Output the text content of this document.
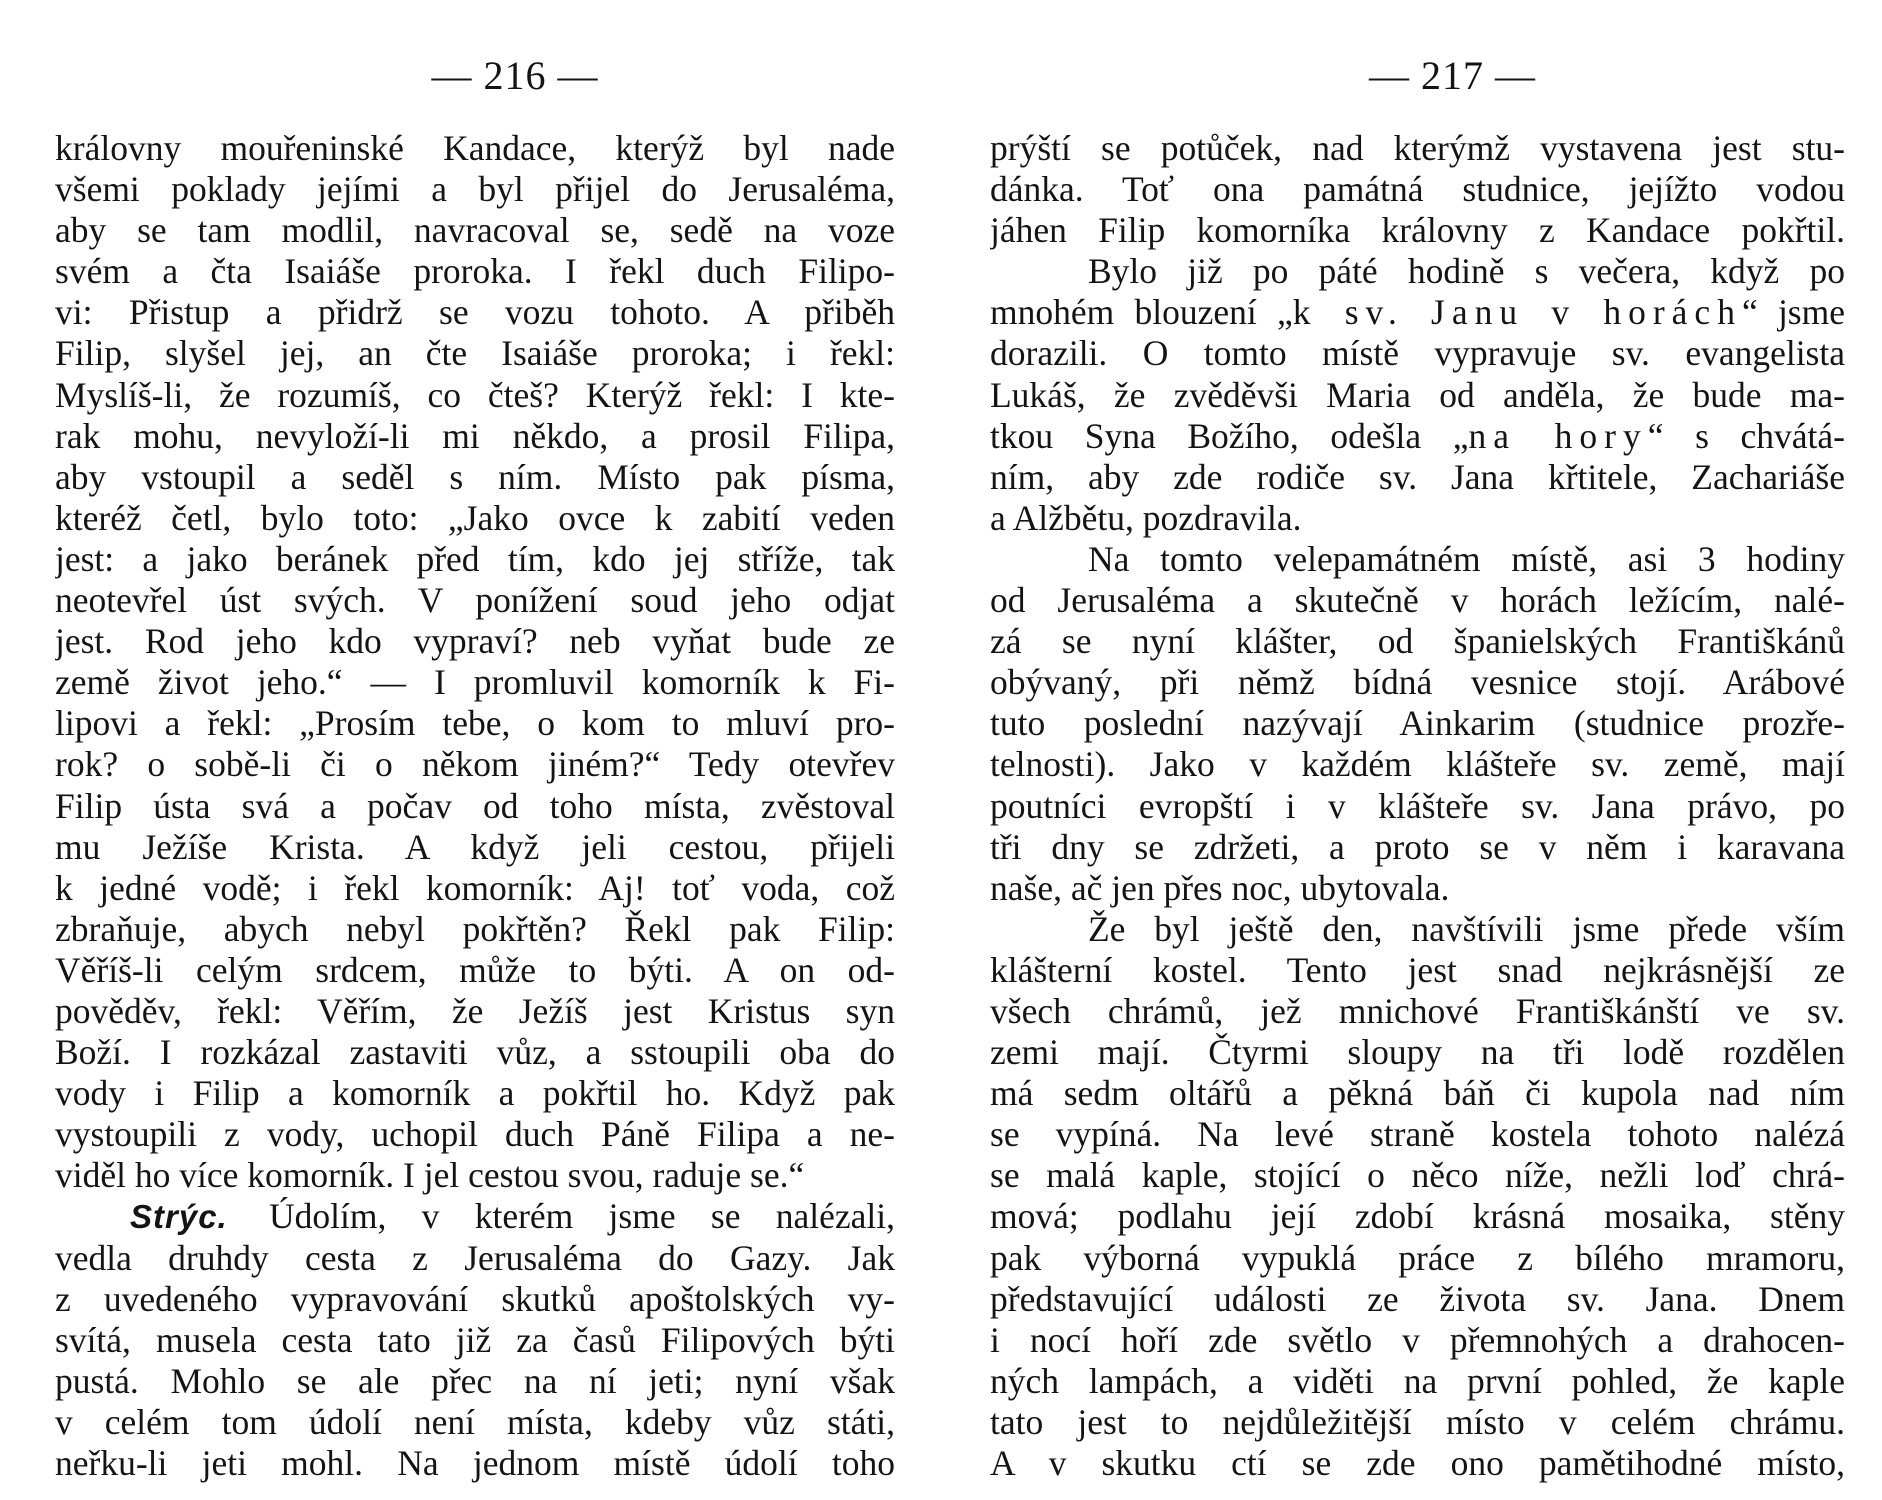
— 216 —
královny mouřeninské Kandace, kterýž byl nade
všemi poklady jejími a byl přijel do Jerusaléma,
aby se tam modlil, navracoval se, sedě na voze
svém a čta Isaiáše proroka. I řekl duch Filipo-
vi: Přistup a přidrž se vozu tohoto. A přiběh
Filip, slyšel jej, an čte Isaiáše proroka; i řekl:
Myslíš-li, že rozumíš, co čteš? Kterýž řekl: I kte-
rak mohu, nevyloží-li mi někdo, a prosil Filipa,
aby vstoupil a seděl s ním. Místo pak písma,
kteréž četl, bylo toto: „Jako ovce k zabití veden
jest: a jako beránek před tím, kdo jej stříže, tak
neotevřel úst svých. V ponížení soud jeho odjat
jest. Rod jeho kdo vypraví? neb vyňat bude ze
země život jeho.“ — I promluvil komorník k Fi-
lipovi a řekl: „Prosím tebe, o kom to mluví pro-
rok? o sobě-li či o někom jiném?“ Tedy otevřev
Filip ústa svá a počav od toho místa, zvěstoval
mu Ježíše Krista. A když jeli cestou, přijeli
k jedné vodě; i řekl komorník: Aj! toť voda, což
zbraňuje, abych nebyl pokřtěn? Řekl pak Filip:
Věříš-li celým srdcem, může to býti. A on od-
pověděv, řekl: Věřím, že Ježíš jest Kristus syn
Boží. I rozkázal zastaviti vůz, a sstoupili oba do
vody i Filip a komorník a pokřtil ho. Když pak
vystoupili z vody, uchopil duch Páně Filipa a ne-
viděl ho více komorník. I jel cestou svou, raduje se.“
Strýc. Údolím, v kterém jsme se nalézali,
vedla druhdy cesta z Jerusaléma do Gazy. Jak
z uvedeného vypravování skutků apoštolských vy-
svítá, musela cesta tato již za časů Filipových býti
pustá. Mohlo se ale přec na ní jeti; nyní však
v celém tom údolí není místa, kdeby vůz státi,
neřku-li jeti mohl. Na jednom místě údolí toho
— 217 —
prýští se potůček, nad kterýmž vystavena jest stu-
dánka. Toť ona památná studnice, jejížto vodou
jáhen Filip komorníka královny z Kandace pokřtil.
Bylo již po páté hodině s večera, když po
mnohém blouzení „k sv. Janu v horách“ jsme
dorazili. O tomto místě vypravuje sv. evangelista
Lukáš, že zvěděvši Maria od anděla, že bude ma-
tkou Syna Božího, odešla „na hory“ s chvátá-
ním, aby zde rodiče sv. Jana křtitele, Zachariáše
a Alžbětu, pozdravila.
Na tomto velepamátném místě, asi 3 hodiny
od Jerusaléma a skutečně v horách ležícím, nalé-
zá se nyní klášter, od španielských Františkánů
obývaný, při němž bídná vesnice stojí. Arábové
tuto poslední nazývají Ainkarim (studnice prozře-
telnosti). Jako v každém klášteře sv. země, mají
poutníci evropští i v klášteře sv. Jana právo, po
tři dny se zdržeti, a proto se v něm i karavana
naše, ač jen přes noc, ubytovala.
Že byl ještě den, navštívili jsme přede vším
klášterní kostel. Tento jest snad nejkrásnější ze
všech chrámů, jež mnichové Františkánští ve sv.
zemi mají. Čtyrmi sloupy na tři lodě rozdělen
má sedm oltářů a pěkná báň či kupola nad ním
se vypíná. Na levé straně kostela tohoto nalézá
se malá kaple, stojící o něco níže, nežli loď chrá-
mová; podlahu její zdobí krásná mosaika, stěny
pak výborná vypuklá práce z bílého mramoru,
představující události ze života sv. Jana. Dnem
i nocí hoří zde světlo v přemnohých a drahocen-
ných lampách, a viděti na první pohled, že kaple
tato jest to nejdůležitější místo v celém chrámu.
A v skutku ctí se zde ono pamětihodné místo,
